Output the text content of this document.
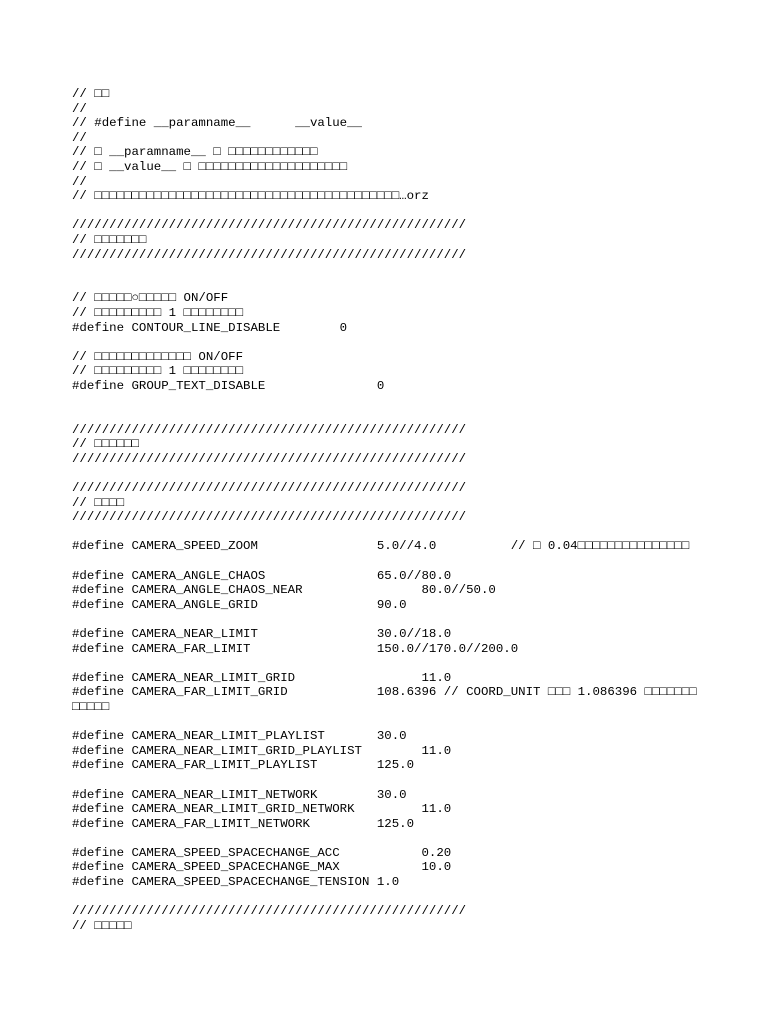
// □□
//
// #define __paramname__      __value__
//
// □ __paramname__ □ □□□□□□□□□□□□
// □ __value__ □ □□□□□□□□□□□□□□□□□□□□
//
// □□□□□□□□□□□□□□□□□□□□□□□□□□□□□□□□□□□□□□□□□…orz
/////////////////////////////////////////////////////
// □□□□□□□
/////////////////////////////////////////////////////
// □□□□□○□□□□□ ON/OFF
// □□□□□□□□□ 1 □□□□□□□□
#define CONTOUR_LINE_DISABLE        0
// □□□□□□□□□□□□□ ON/OFF
// □□□□□□□□□ 1 □□□□□□□□
#define GROUP_TEXT_DISABLE               0
/////////////////////////////////////////////////////
// □□□□□□
/////////////////////////////////////////////////////
/////////////////////////////////////////////////////
// □□□□
/////////////////////////////////////////////////////
#define CAMERA_SPEED_ZOOM                5.0//4.0          // □ 0.04□□□□□□□□□□□□□□□
#define CAMERA_ANGLE_CHAOS               65.0//80.0
#define CAMERA_ANGLE_CHAOS_NEAR                80.0//50.0
#define CAMERA_ANGLE_GRID                90.0
#define CAMERA_NEAR_LIMIT                30.0//18.0
#define CAMERA_FAR_LIMIT                 150.0//170.0//200.0
#define CAMERA_NEAR_LIMIT_GRID                 11.0
#define CAMERA_FAR_LIMIT_GRID            108.6396 // COORD_UNIT □□□ 1.086396 □□□□□□□
□□□□□
#define CAMERA_NEAR_LIMIT_PLAYLIST       30.0
#define CAMERA_NEAR_LIMIT_GRID_PLAYLIST        11.0
#define CAMERA_FAR_LIMIT_PLAYLIST        125.0
#define CAMERA_NEAR_LIMIT_NETWORK        30.0
#define CAMERA_NEAR_LIMIT_GRID_NETWORK         11.0
#define CAMERA_FAR_LIMIT_NETWORK         125.0
#define CAMERA_SPEED_SPACECHANGE_ACC           0.20
#define CAMERA_SPEED_SPACECHANGE_MAX           10.0
#define CAMERA_SPEED_SPACECHANGE_TENSION 1.0
/////////////////////////////////////////////////////
// □□□□□
